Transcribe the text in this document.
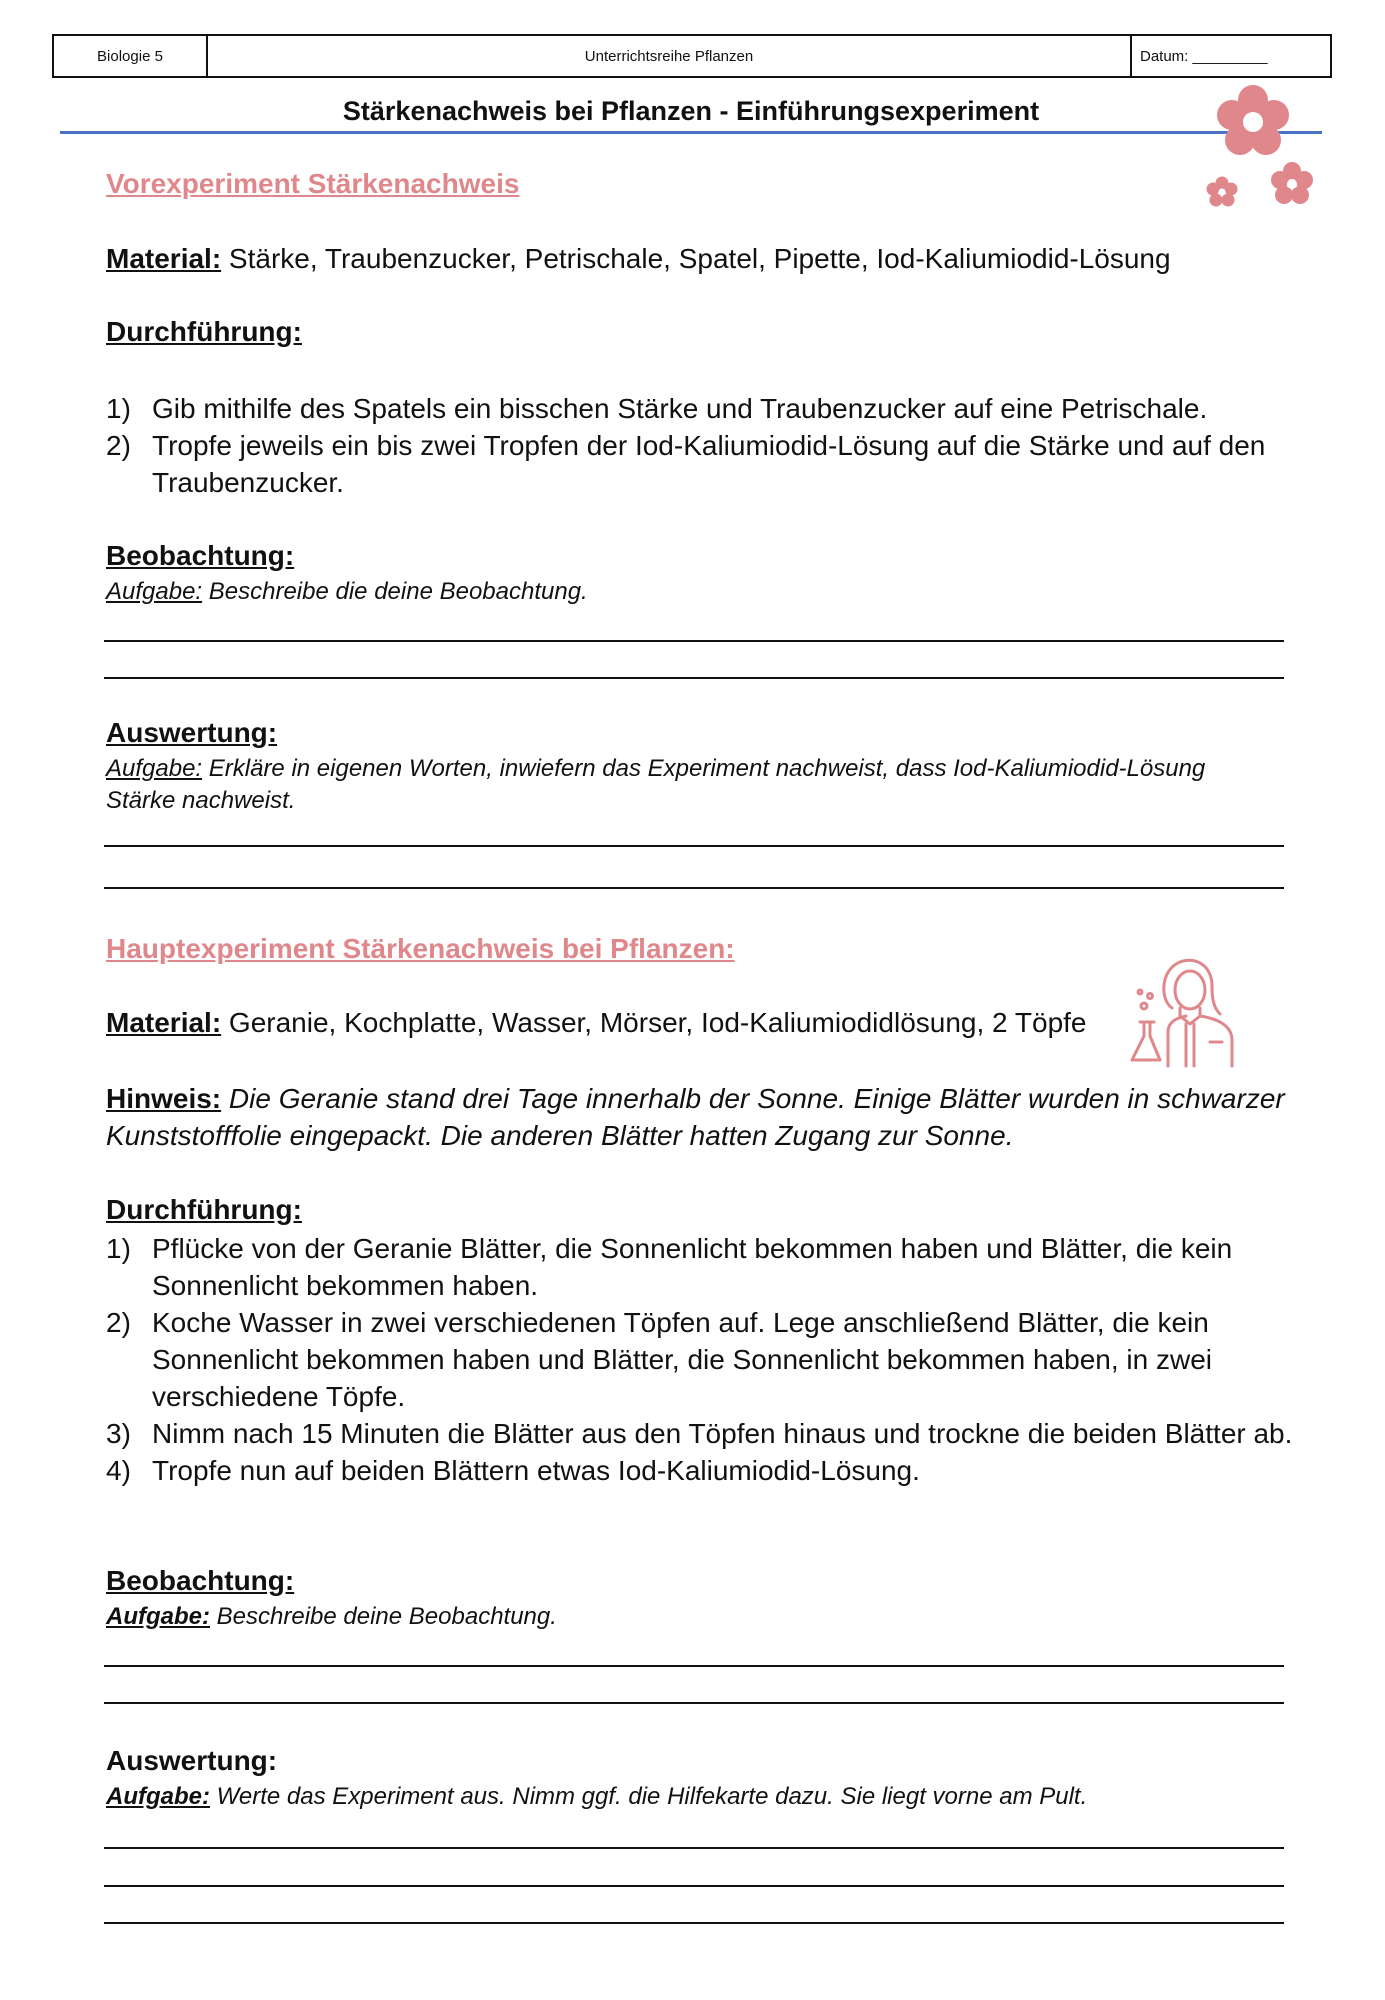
Biologie 5	Unterrichtsreihe Pflanzen	Datum: _________
Stärkenachweis bei Pflanzen - Einführungsexperiment
Vorexperiment Stärkenachweis
Material: Stärke, Traubenzucker, Petrischale, Spatel, Pipette, Iod-Kaliumiodid-Lösung
Durchführung:
1) Gib mithilfe des Spatels ein bisschen Stärke und Traubenzucker auf eine Petrischale.
2) Tropfe jeweils ein bis zwei Tropfen der Iod-Kaliumiodid-Lösung auf die Stärke und auf den Traubenzucker.
Beobachtung:
Aufgabe: Beschreibe die deine Beobachtung.
Auswertung:
Aufgabe: Erkläre in eigenen Worten, inwiefern das Experiment nachweist, dass Iod-Kaliumiodid-Lösung Stärke nachweist.
Hauptexperiment Stärkenachweis bei Pflanzen:
Material: Geranie, Kochplatte, Wasser, Mörser, Iod-Kaliumiodidlösung, 2 Töpfe
Hinweis: Die Geranie stand drei Tage innerhalb der Sonne. Einige Blätter wurden in schwarzer Kunststofffolie eingepackt. Die anderen Blätter hatten Zugang zur Sonne.
Durchführung:
1) Pflücke von der Geranie Blätter, die Sonnenlicht bekommen haben und Blätter, die kein Sonnenlicht bekommen haben.
2) Koche Wasser in zwei verschiedenen Töpfen auf. Lege anschließend Blätter, die kein Sonnenlicht bekommen haben und Blätter, die Sonnenlicht bekommen haben, in zwei verschiedene Töpfe.
3) Nimm nach 15 Minuten die Blätter aus den Töpfen hinaus und trockne die beiden Blätter ab.
4) Tropfe nun auf beiden Blättern etwas Iod-Kaliumiodid-Lösung.
Beobachtung:
Aufgabe: Beschreibe deine Beobachtung.
Auswertung:
Aufgabe: Werte das Experiment aus. Nimm ggf. die Hilfekarte dazu. Sie liegt vorne am Pult.
